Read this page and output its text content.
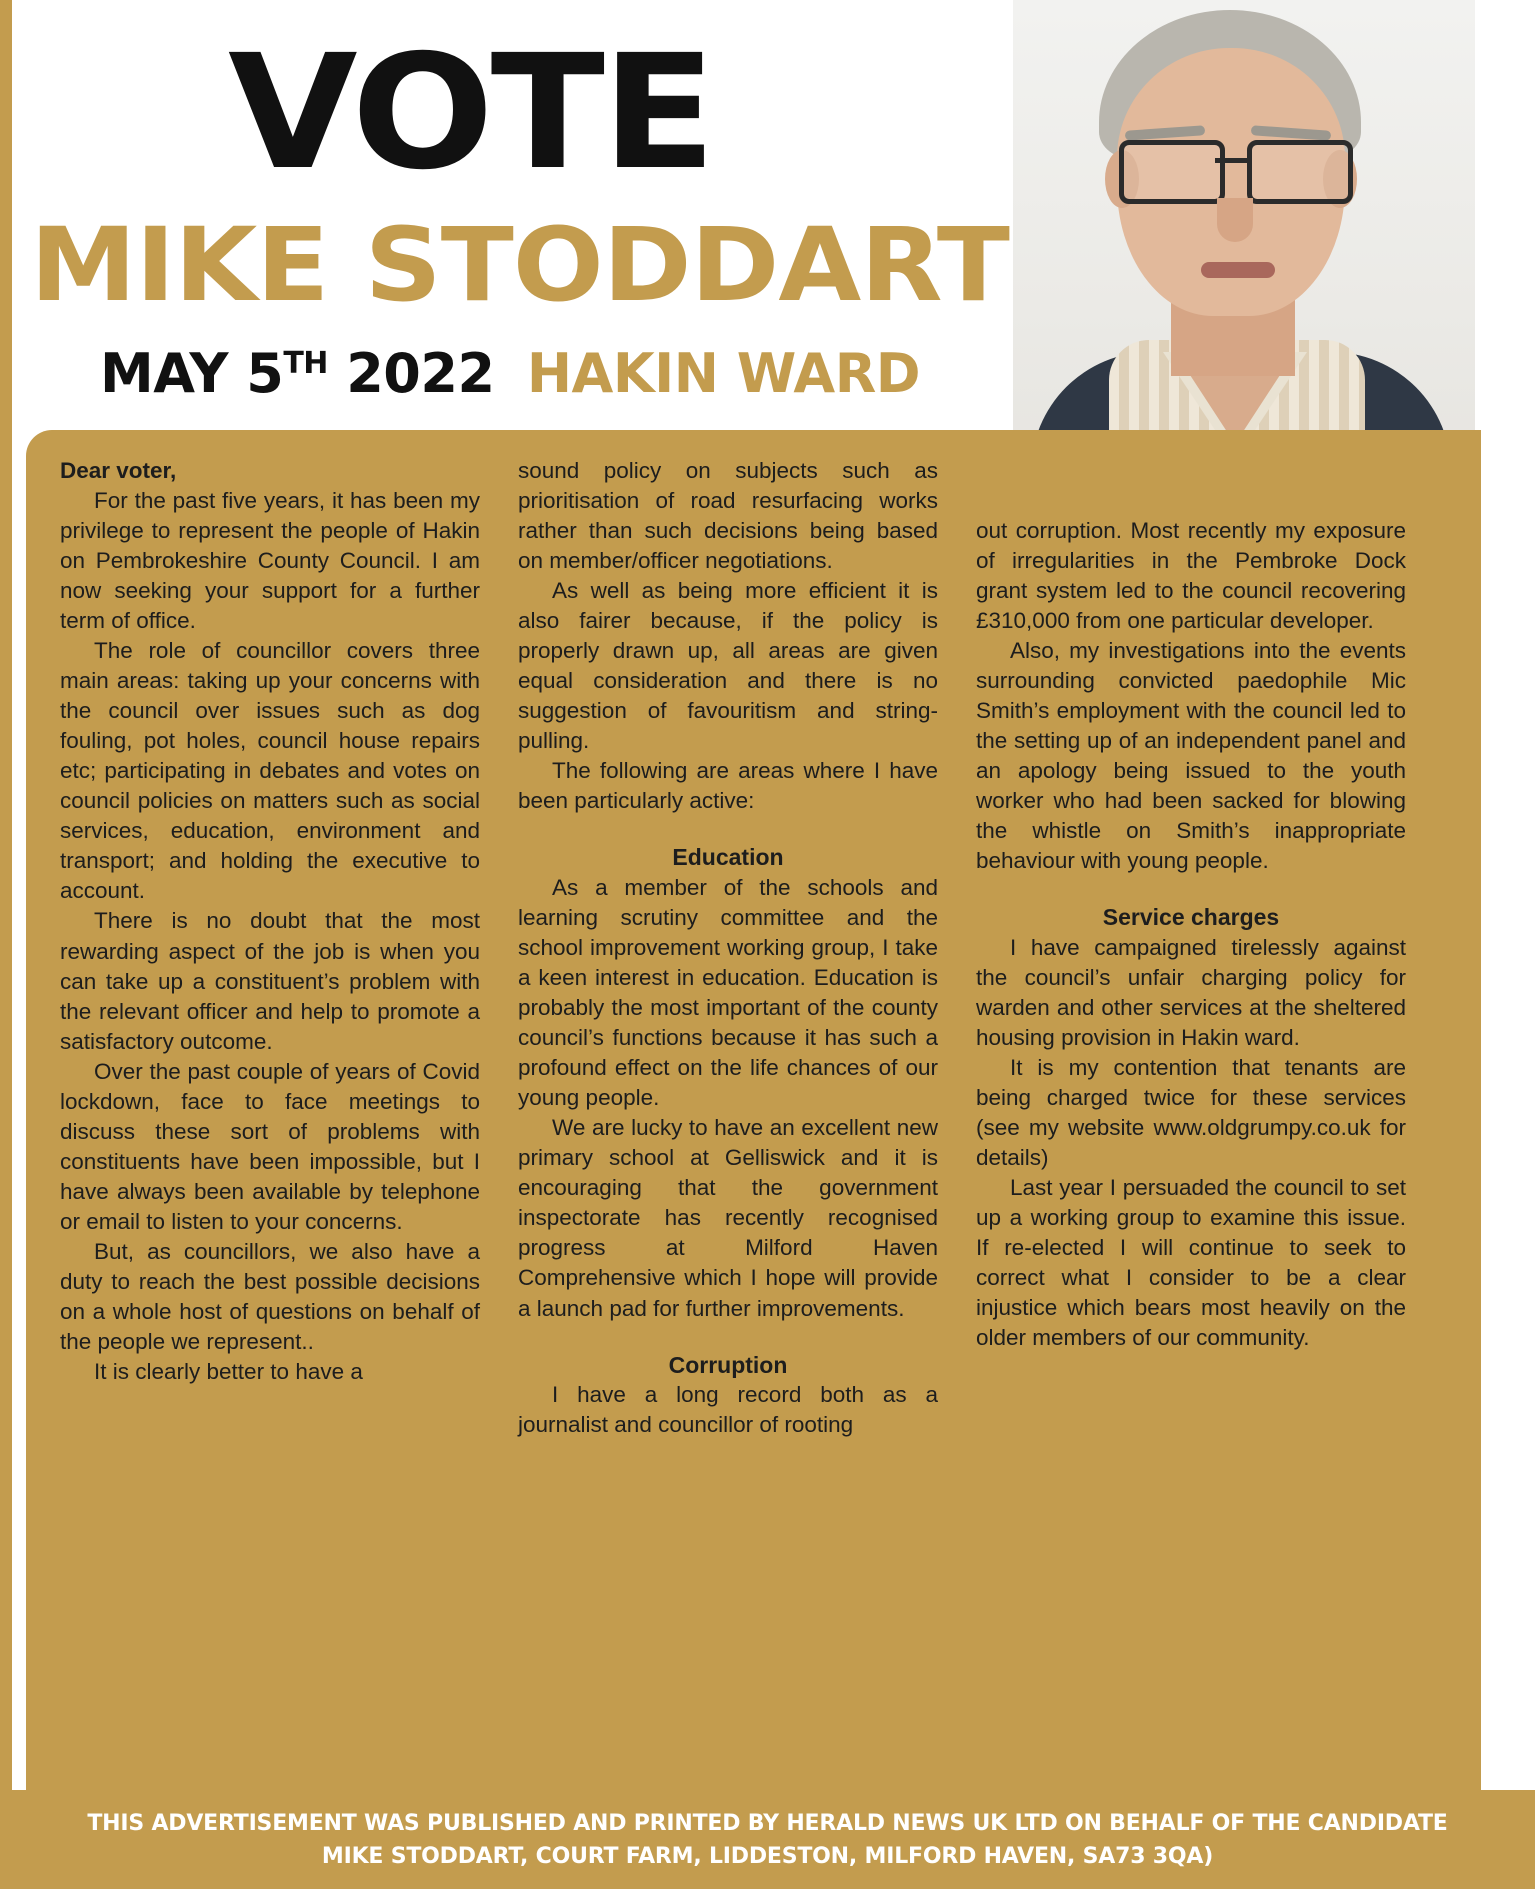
VOTE
MIKE STODDART
MAY 5TH 2022 HAKIN WARD

Dear voter,

For the past five years, it has been my privilege to represent the people of Hakin on Pembrokeshire County Council. I am now seeking your support for a further term of office.

The role of councillor covers three main areas: taking up your concerns with the council over issues such as dog fouling, pot holes, council house repairs etc; participating in debates and votes on council policies on matters such as social services, education, environment and transport; and holding the executive to account.

There is no doubt that the most rewarding aspect of the job is when you can take up a constituent’s problem with the relevant officer and help to promote a satisfactory outcome.

Over the past couple of years of Covid lockdown, face to face meetings to discuss these sort of problems with constituents have been impossible, but I have always been available by telephone or email to listen to your concerns.

But, as councillors, we also have a duty to reach the best possible decisions on a whole host of questions on behalf of the people we represent..

It is clearly better to have a

sound policy on subjects such as prioritisation of road resurfacing works rather than such decisions being based on member/officer negotiations.

As well as being more efficient it is also fairer because, if the policy is properly drawn up, all areas are given equal consideration and there is no suggestion of favouritism and string-pulling.

The following are areas where I have been particularly active:

Education

As a member of the schools and learning scrutiny committee and the school improvement working group, I take a keen interest in education. Education is probably the most important of the county council’s functions because it has such a profound effect on the life chances of our young people.

We are lucky to have an excellent new primary school at Gelliswick and it is encouraging that the government inspectorate has recently recognised progress at Milford Haven Comprehensive which I hope will provide a launch pad for further improvements.

Corruption

I have a long record both as a journalist and councillor of rooting

out corruption. Most recently my exposure of irregularities in the Pembroke Dock grant system led to the council recovering £310,000 from one particular developer.

Also, my investigations into the events surrounding convicted paedophile Mic Smith’s employment with the council led to the setting up of an independent panel and an apology being issued to the youth worker who had been sacked for blowing the whistle on Smith’s inappropriate behaviour with young people.

Service charges

I have campaigned tirelessly against the council’s unfair charging policy for warden and other services at the sheltered housing provision in Hakin ward.

It is my contention that tenants are being charged twice for these services (see my website www.oldgrumpy.co.uk for details)

Last year I persuaded the council to set up a working group to examine this issue. If re-elected I will continue to seek to correct what I consider to be a clear injustice which bears most heavily on the older members of our community.

THIS ADVERTISEMENT WAS PUBLISHED AND PRINTED BY HERALD NEWS UK LTD ON BEHALF OF THE CANDIDATE
MIKE STODDART, COURT FARM, LIDDESTON, MILFORD HAVEN, SA73 3QA)
